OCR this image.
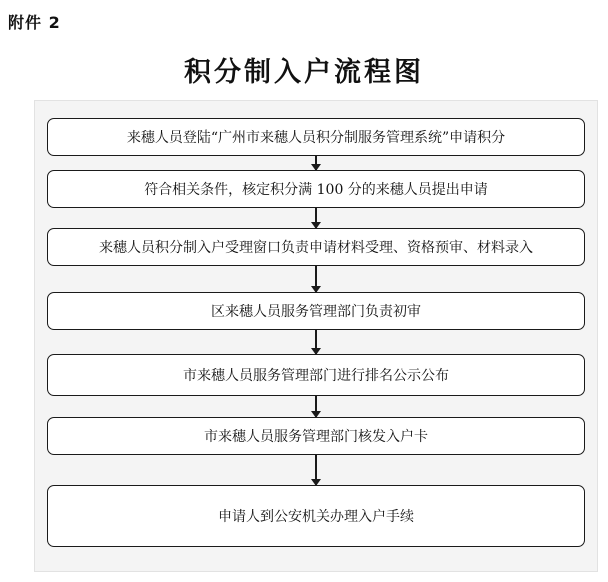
附件 2
积分制入户流程图
来穗人员登陆“广州市来穗人员积分制服务管理系统”申请积分
符合相关条件，核定积分满 100 分的来穗人员提出申请
来穗人员积分制入户受理窗口负责申请材料受理、资格预审、材料录入
区来穗人员服务管理部门负责初审
市来穗人员服务管理部门进行排名公示公布
市来穗人员服务管理部门核发入户卡
申请人到公安机关办理入户手续
